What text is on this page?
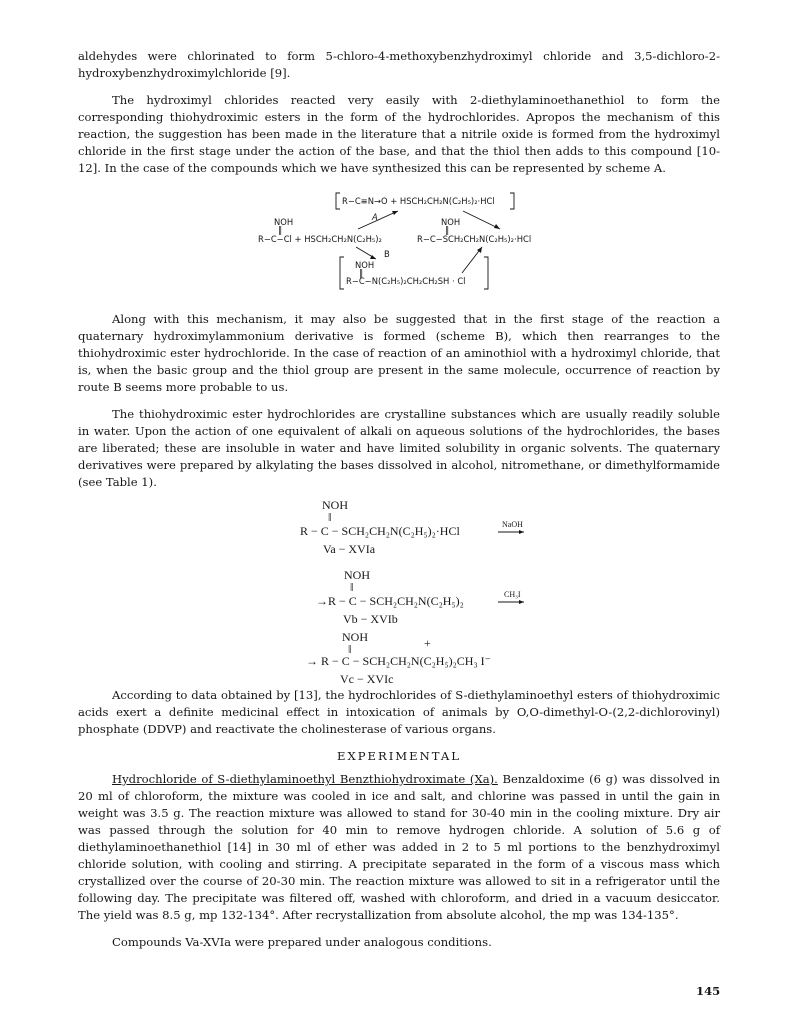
aldehydes were chlorinated to form 5-chloro-4-methoxybenzhydroximyl chloride and 3,5-dichloro-2-hydroxybenzhydroximylchloride [9].

The hydroximyl chlorides reacted very easily with 2-diethylaminoethanethiol to form the corresponding thiohydroximic esters in the form of the hydrochlorides. Apropos the mechanism of this reaction, the suggestion has been made in the literature that a nitrile oxide is formed from the hydroximyl chloride in the first stage under the action of the base, and that the thiol then adds to this compound [10-12]. In the case of the compounds which we have synthesized this can be represented by scheme A.

R−C≡N→O + HSCH₂CH₂N(C₂H₅)₂·HCl
A
NOH
‖
R−C−Cl + HSCH₂CH₂N(C₂H₅)₂
NOH
‖
R−C−SCH₂CH₂N(C₂H₅)₂·HCl
B
NOH
‖
R−C−N(C₂H₅)₂CH₂CH₂SH · Cl

Along with this mechanism, it may also be suggested that in the first stage of the reaction a quaternary hydroximylammonium derivative is formed (scheme B), which then rearranges to the thiohydroximic ester hydrochloride. In the case of reaction of an aminothiol with a hydroximyl chloride, that is, when the basic group and the thiol group are present in the same molecule, occurrence of reaction by route B seems more probable to us.

The thiohydroximic ester hydrochlorides are crystalline substances which are usually readily soluble in water. Upon the action of one equivalent of alkali on aqueous solutions of the hydrochlorides, the bases are liberated; these are insoluble in water and have limited solubility in organic solvents. The quaternary derivatives were prepared by alkylating the bases dissolved in alcohol, nitromethane, or dimethylformamide (see Table 1).

NOH
‖
R − C − SCH₂CH₂N(C₂H₅)₂·HCl	NaOH
Va − XVIa
NOH
‖
→R − C − SCH₂CH₂N(C₂H₅)₂	CH₃I
Vb − XVIb
NOH
‖	+
→ R − C − SCH₂CH₂N(C₂H₅)₂CH₃ I⁻
Vc − XVIc

According to data obtained by [13], the hydrochlorides of S-diethylaminoethyl esters of thiohydroximic acids exert a definite medicinal effect in intoxication of animals by O,O-dimethyl-O-(2,2-dichlorovinyl) phosphate (DDVP) and reactivate the cholinesterase of various organs.

EXPERIMENTAL

Hydrochloride of S-diethylaminoethyl Benzthiohydroximate (Xa). Benzaldoxime (6 g) was dissolved in 20 ml of chloroform, the mixture was cooled in ice and salt, and chlorine was passed in until the gain in weight was 3.5 g. The reaction mixture was allowed to stand for 30-40 min in the cooling mixture. Dry air was passed through the solution for 40 min to remove hydrogen chloride. A solution of 5.6 g of diethylaminoethanethiol [14] in 30 ml of ether was added in 2 to 5 ml portions to the benzhydroximyl chloride solution, with cooling and stirring. A precipitate separated in the form of a viscous mass which crystallized over the course of 20-30 min. The reaction mixture was allowed to sit in a refrigerator until the following day. The precipitate was filtered off, washed with chloroform, and dried in a vacuum desiccator. The yield was 8.5 g, mp 132-134°. After recrystallization from absolute alcohol, the mp was 134-135°.

Compounds Va-XVIa were prepared under analogous conditions.

145
